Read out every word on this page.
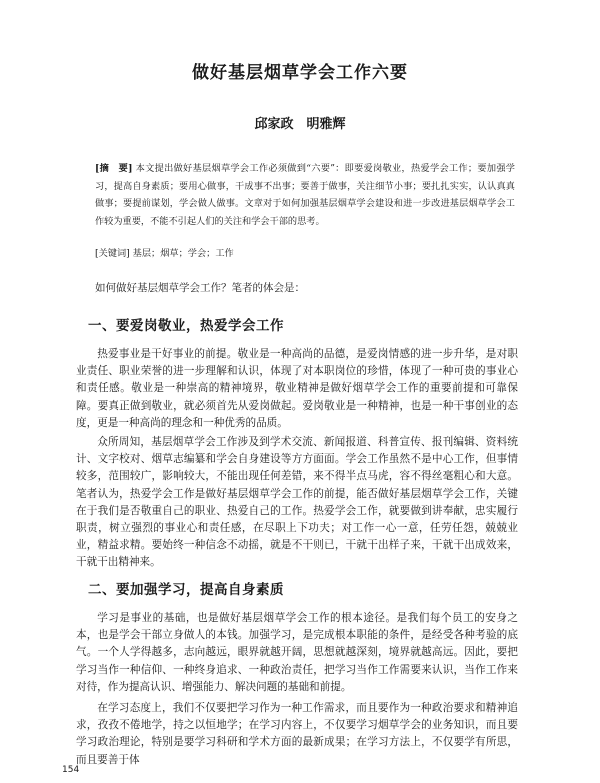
做好基层烟草学会工作六要
邱家政　明雅辉
[摘　要] 本文提出做好基层烟草学会工作必须做到“六要”：即要爱岗敬业，热爱学会工作；要加强学习，提高自身素质；要用心做事，干成事不出事；要善于做事，关注细节小事；要扎扎实实，认认真真做事；要提前谋划，学会做人做事。文章对于如何加强基层烟草学会建设和进一步改进基层烟草学会工作较为重要，不能不引起人们的关注和学会干部的思考。
[关键词] 基层；烟草；学会；工作
如何做好基层烟草学会工作？笔者的体会是：
一、要爱岗敬业，热爱学会工作

热爱事业是干好事业的前提。敬业是一种高尚的品德，是爱岗情感的进一步升华，是对职业责任、职业荣誉的进一步理解和认识，体现了对本职岗位的珍惜，体现了一种可贵的事业心和责任感。敬业是一种崇高的精神境界，敬业精神是做好烟草学会工作的重要前提和可靠保障。要真正做到敬业，就必须首先从爱岗做起。爱岗敬业是一种精神，也是一种干事创业的态度，更是一种高尚的理念和一种优秀的品质。

众所周知，基层烟草学会工作涉及到学术交流、新闻报道、科普宣传、报刊编辑、资料统计、文字校对、烟草志编纂和学会自身建设等方方面面。学会工作虽然不是中心工作，但事情较多，范围较广，影响较大，不能出现任何差错，来不得半点马虎，容不得丝毫粗心和大意。笔者认为，热爱学会工作是做好基层烟草学会工作的前提，能否做好基层烟草学会工作，关键在于我们是否敬重自己的职业、热爱自己的工作。热爱学会工作，就要做到讲奉献，忠实履行职责，树立强烈的事业心和责任感，在尽职上下功夫；对工作一心一意，任劳任怨，兢兢业业，精益求精。要始终一种信念不动摇，就是不干则已，干就干出样子来，干就干出成效来，干就干出精神来。

二、要加强学习，提高自身素质

学习是事业的基础，也是做好基层烟草学会工作的根本途径。是我们每个员工的安身之本，也是学会干部立身做人的本钱。加强学习，是完成根本职能的条件，是经受各种考验的底气。一个人学得越多，志向越远，眼界就越开阔，思想就越深刻，境界就越高远。因此，要把学习当作一种信仰、一种终身追求、一种政治责任，把学习当作工作需要来认识，当作工作来对待，作为提高认识、增强能力、解决问题的基础和前提。

在学习态度上，我们不仅要把学习作为一种工作需求，而且要作为一种政治要求和精神追求，孜孜不倦地学，持之以恒地学；在学习内容上，不仅要学习烟草学会的业务知识，而且要学习政治理论，特别是要学习科研和学术方面的最新成果；在学习方法上，不仅要学有所思，而且要善于体

154
